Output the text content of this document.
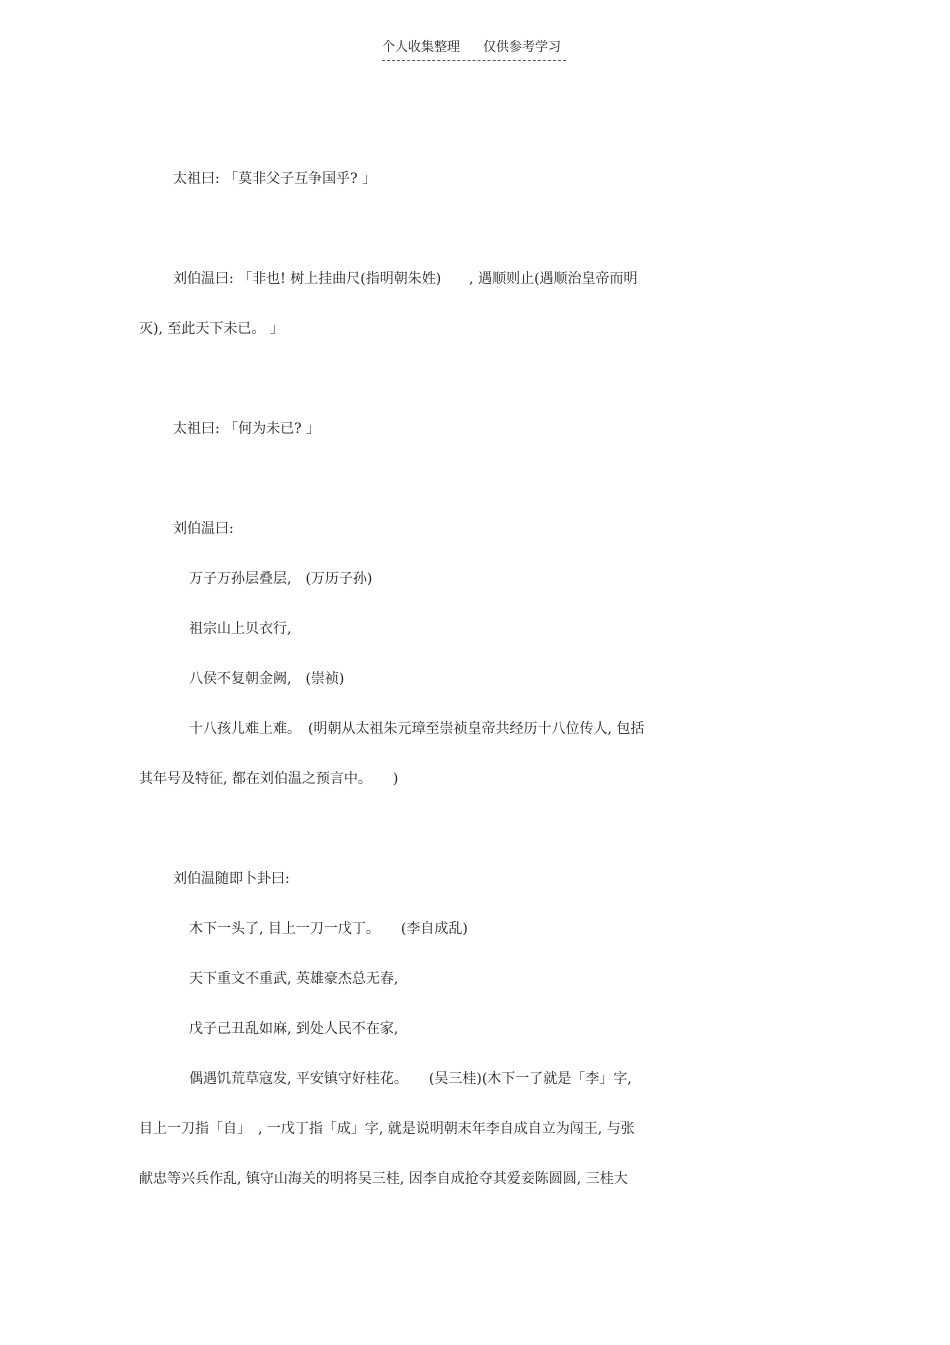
个人收集整理 仅供参考学习
太祖曰: 「莫非父子互争国乎? 」
刘伯温曰: 「非也! 树上挂曲尺(指明朝朱姓)　　, 遇顺则止(遇顺治皇帝而明
灭), 至此天下未已。 」
太祖曰: 「何为未已? 」
刘伯温曰:
万子万孙层叠层,　(万历子孙)
祖宗山上贝衣行,
八侯不复朝金阙,　(崇祯)
十八孩儿难上难。　(明朝从太祖朱元璋至崇祯皇帝共经历十八位传人, 包括
其年号及特征, 都在刘伯温之预言中。　　)
刘伯温随即卜卦曰:
木下一头了, 目上一刀一戊丁。　　(李自成乱)
天下重文不重武, 英雄豪杰总无春,
戊子己丑乱如麻, 到处人民不在家,
偶遇饥荒草寇发, 平安镇守好桂花。　　(吴三桂)(木下一了就是「李」字,
目上一刀指「自」　, 一戊丁指「成」字, 就是说明朝末年李自成自立为闯王, 与张
献忠等兴兵作乱, 镇守山海关的明将吴三桂, 因李自成抢夺其爱妾陈圆圆, 三桂大
